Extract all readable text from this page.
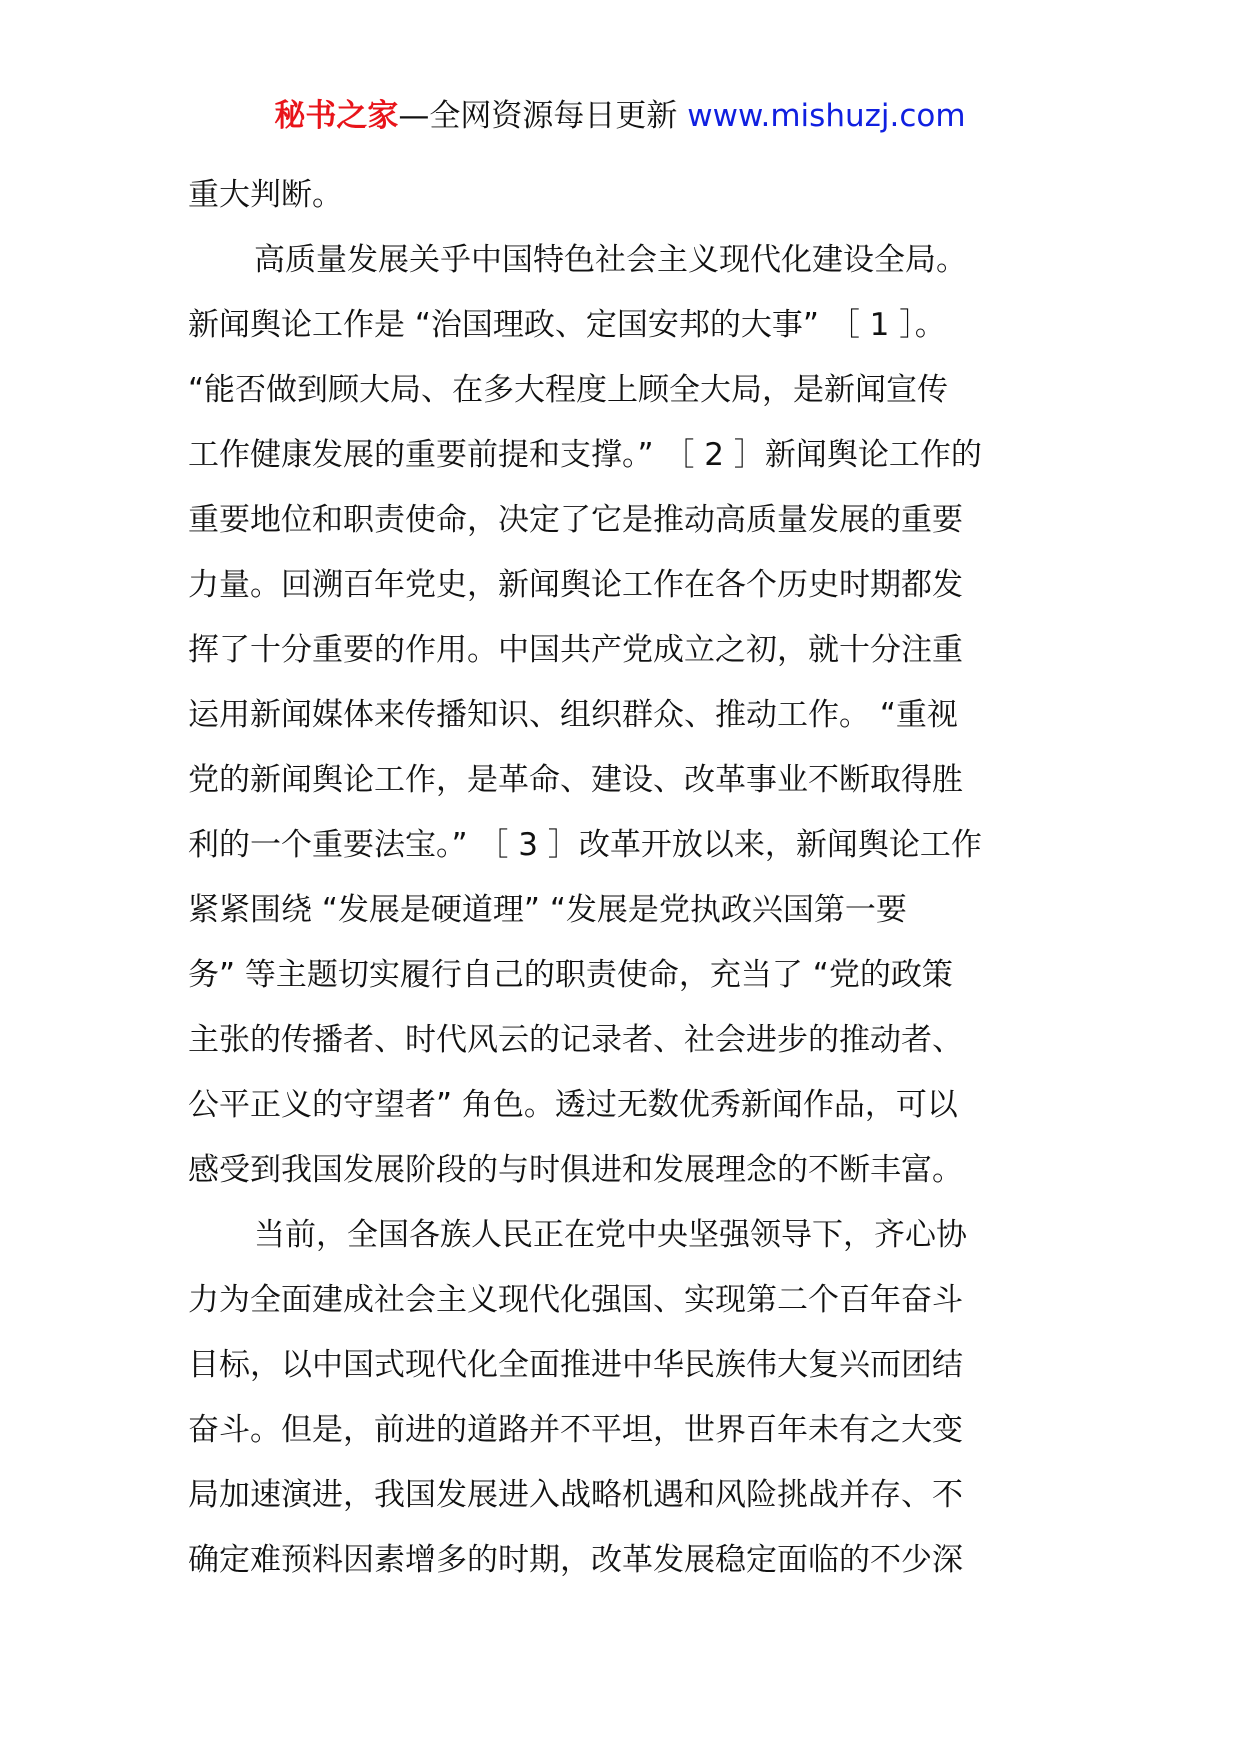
秘书之家—全网资源每日更新 www.mishuzj.com
重大判断。
高质量发展关乎中国特色社会主义现代化建设全局。
新闻舆论工作是 “治国理政、定国安邦的大事” ［ 1 ］。
“能否做到顾大局、在多大程度上顾全大局，是新闻宣传
工作健康发展的重要前提和支撑。” ［ 2 ］新闻舆论工作的
重要地位和职责使命，决定了它是推动高质量发展的重要
力量。回溯百年党史，新闻舆论工作在各个历史时期都发
挥了十分重要的作用。中国共产党成立之初，就十分注重
运用新闻媒体来传播知识、组织群众、推动工作。 “重视
党的新闻舆论工作，是革命、建设、改革事业不断取得胜
利的一个重要法宝。” ［ 3 ］改革开放以来，新闻舆论工作
紧紧围绕 “发展是硬道理” “发展是党执政兴国第一要
务” 等主题切实履行自己的职责使命，充当了 “党的政策
主张的传播者、时代风云的记录者、社会进步的推动者、
公平正义的守望者” 角色。透过无数优秀新闻作品，可以
感受到我国发展阶段的与时俱进和发展理念的不断丰富。
当前，全国各族人民正在党中央坚强领导下，齐心协
力为全面建成社会主义现代化强国、实现第二个百年奋斗
目标，以中国式现代化全面推进中华民族伟大复兴而团结
奋斗。但是，前进的道路并不平坦，世界百年未有之大变
局加速演进，我国发展进入战略机遇和风险挑战并存、不
确定难预料因素增多的时期，改革发展稳定面临的不少深
